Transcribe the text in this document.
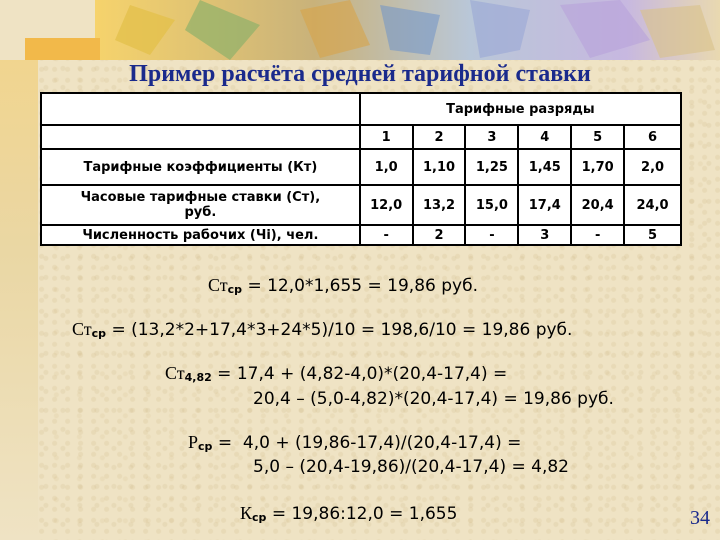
Пример расчёта средней тарифной ставки
	Тарифные разряды					
	1	2	3	4	5	6
Тарифные коэффициенты (Кт)	1,0	1,10	1,25	1,45	1,70	2,0

Часовые тарифные ставки (Ст),
руб.	12,0	13,2	15,0	17,4	20,4	24,0
Численность рабочих (Чi), чел.	-	2	-	3	-	5
$Ст_{ср} = 12,0*1,655 = 19,86$ руб.
$Ст_{ср} = (13,2*2+17,4*3+24*5)/10 = 198,6/10 = 19,86$ руб.
$Ст_{4,82} = 17,4 + (4,82-4,0)*(20,4-17,4)$ =
20,4 – (5,0-4,82)*(20,4-17,4) = 19,86 руб.
$Р_{ср} = 4,0 + (19,86-17,4)/(20,4-17,4)$ =
5,0 – (20,4-19,86)/(20,4-17,4) = 4,82
$К_{ср}$ = 19,86:12,0 = 1,655	34
